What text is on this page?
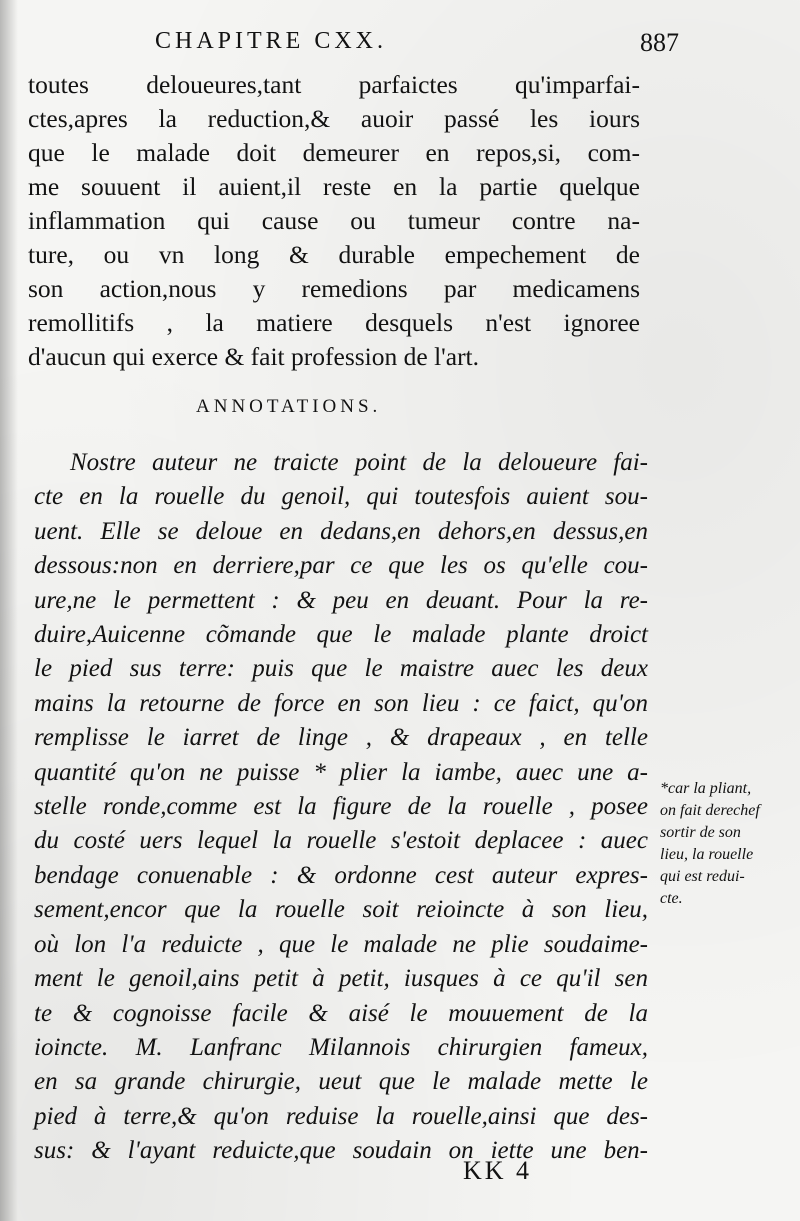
CHAPITRE CXX.	887
toutes deloueures,tant parfaictes qu'imparfai-
ctes,apres la reduction,& auoir passé les iours
que le malade doit demeurer en repos,si, com-
me souuent il auient,il reste en la partie quelque
inflammation qui cause ou tumeur contre na-
ture, ou vn long & durable empechement de
son action,nous y remedions par medicamens
remollitifs , la matiere desquels n'est ignoree
d'aucun qui exerce & fait profession de l'art.
ANNOTATIONS.
Nostre auteur ne traicte point de la deloueure fai-
cte en la rouelle du genoil, qui toutesfois auient sou-
uent. Elle se deloue en dedans,en dehors,en dessus,en
dessous:non en derriere,par ce que les os qu'elle cou-
ure,ne le permettent : & peu en deuant. Pour la re-
duire,Auicenne cõmande que le malade plante droict
le pied sus terre: puis que le maistre auec les deux
mains la retourne de force en son lieu : ce faict, qu'on
remplisse le iarret de linge , & drapeaux , en telle
quantité qu'on ne puisse * plier la iambe, auec une a-
stelle ronde,comme est la figure de la rouelle , posee
du costé uers lequel la rouelle s'estoit deplacee : auec
bendage conuenable : & ordonne cest auteur expres-
sement,encor que la rouelle soit reioincte à son lieu,
où lon l'a reduicte , que le malade ne plie soudaime-
ment le genoil,ains petit à petit, iusques à ce qu'il sen
te & cognoisse facile & aisé le mouuement de la
ioincte. M. Lanfranc Milannois chirurgien fameux,
en sa grande chirurgie, ueut que le malade mette le
pied à terre,& qu'on reduise la rouelle,ainsi que des-
sus: & l'ayant reduicte,que soudain on iette une ben-
*car la pliant,
on fait derechef
sortir de son
lieu, la rouelle
qui est redui-
cte.
KK 4
